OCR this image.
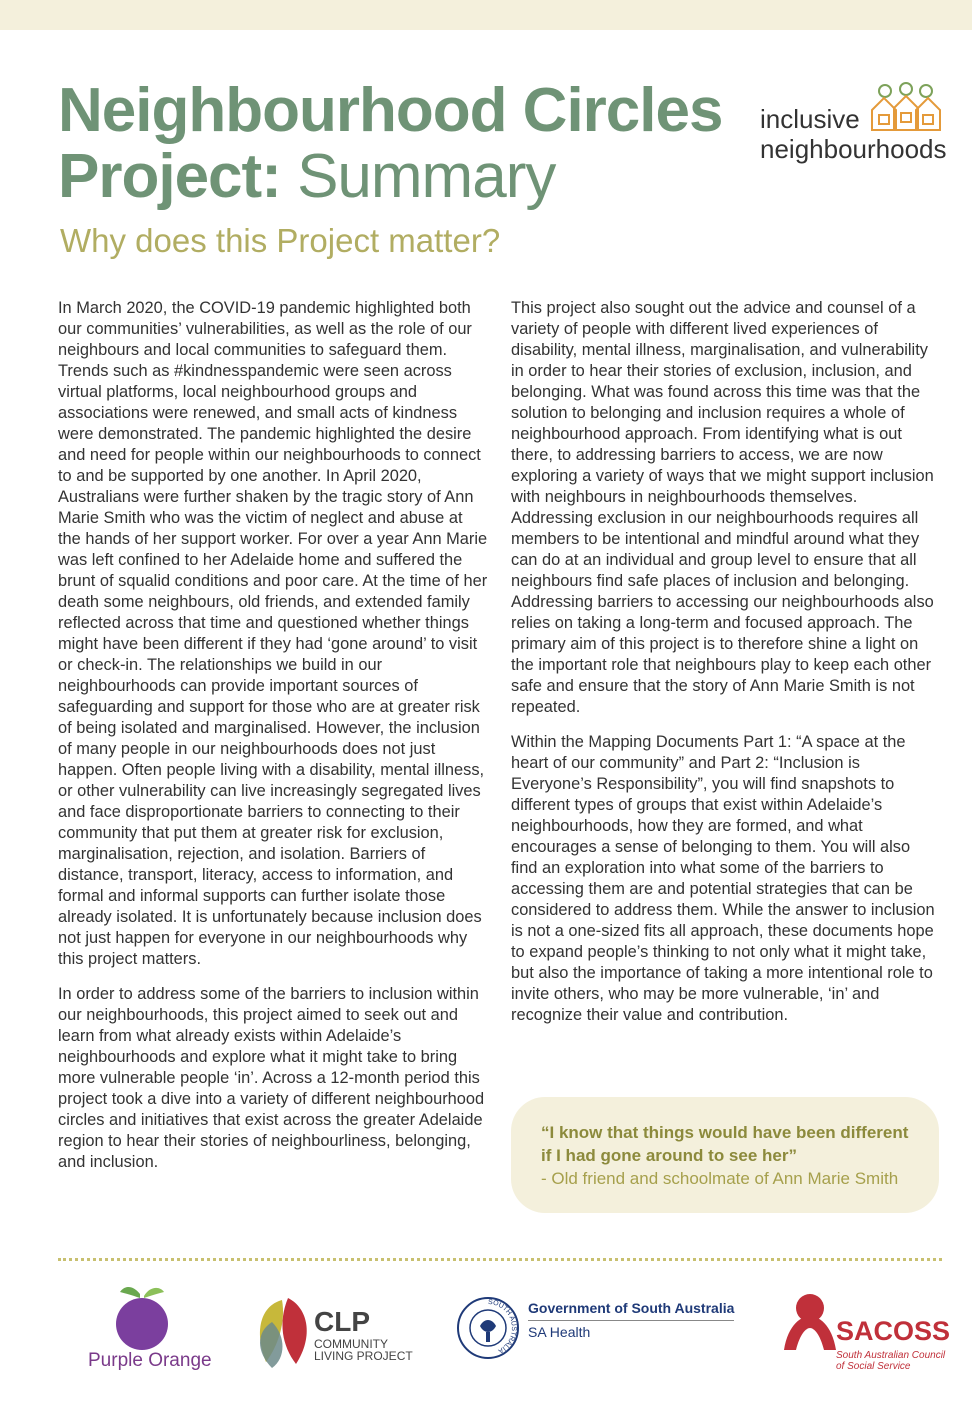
Neighbourhood Circles Project: Summary
Why does this Project matter?
inclusive
neighbourhoods

In March 2020, the COVID-19 pandemic highlighted both our communities’ vulnerabilities, as well as the role of our neighbours and local communities to safeguard them. Trends such as #kindnesspandemic were seen across virtual platforms, local neighbourhood groups and associations were renewed, and small acts of kindness were demonstrated. The pandemic highlighted the desire and need for people within our neighbourhoods to connect to and be supported by one another. In April 2020, Australians were further shaken by the tragic story of Ann Marie Smith who was the victim of neglect and abuse at the hands of her support worker. For over a year Ann Marie was left confined to her Adelaide home and suffered the brunt of squalid conditions and poor care. At the time of her death some neighbours, old friends, and extended family reflected across that time and questioned whether things might have been different if they had ‘gone around’ to visit or check-in. The relationships we build in our neighbourhoods can provide important sources of safeguarding and support for those who are at greater risk of being isolated and marginalised. However, the inclusion of many people in our neighbourhoods does not just happen. Often people living with a disability, mental illness, or other vulnerability can live increasingly segregated lives and face disproportionate barriers to connecting to their community that put them at greater risk for exclusion, marginalisation, rejection, and isolation. Barriers of distance, transport, literacy, access to information, and formal and informal supports can further isolate those already isolated. It is unfortunately because inclusion does not just happen for everyone in our neighbourhoods why this project matters.

In order to address some of the barriers to inclusion within our neighbourhoods, this project aimed to seek out and learn from what already exists within Adelaide’s neighbourhoods and explore what it might take to bring more vulnerable people ‘in’. Across a 12-month period this project took a dive into a variety of different neighbourhood circles and initiatives that exist across the greater Adelaide region to hear their stories of neighbourliness, belonging, and inclusion.

This project also sought out the advice and counsel of a variety of people with different lived experiences of disability, mental illness, marginalisation, and vulnerability in order to hear their stories of exclusion, inclusion, and belonging. What was found across this time was that the solution to belonging and inclusion requires a whole of neighbourhood approach. From identifying what is out there, to addressing barriers to access, we are now exploring a variety of ways that we might support inclusion with neighbours in neighbourhoods themselves. Addressing exclusion in our neighbourhoods requires all members to be intentional and mindful around what they can do at an individual and group level to ensure that all neighbours find safe places of inclusion and belonging. Addressing barriers to accessing our neighbourhoods also relies on taking a long-term and focused approach. The primary aim of this project is to therefore shine a light on the important role that neighbours play to keep each other safe and ensure that the story of Ann Marie Smith is not repeated.

Within the Mapping Documents Part 1: “A space at the heart of our community” and Part 2: “Inclusion is Everyone’s Responsibility”, you will find snapshots to different types of groups that exist within Adelaide’s neighbourhoods, how they are formed, and what encourages a sense of belonging to them. You will also find an exploration into what some of the barriers to accessing them are and potential strategies that can be considered to address them. While the answer to inclusion is not a one-sized fits all approach, these documents hope to expand people’s thinking to not only what it might take, but also the importance of taking a more intentional role to invite others, who may be more vulnerable, ‘in’ and recognize their value and contribution.

“I know that things would have been different if I had gone around to see her”
- Old friend and schoolmate of Ann Marie Smith
Purple Orange
CLP
COMMUNITY
LIVING PROJECT
SOUTH AUSTRALIA
Government of South Australia
SA Health	SACOSS
South Australian Council
of Social Service
